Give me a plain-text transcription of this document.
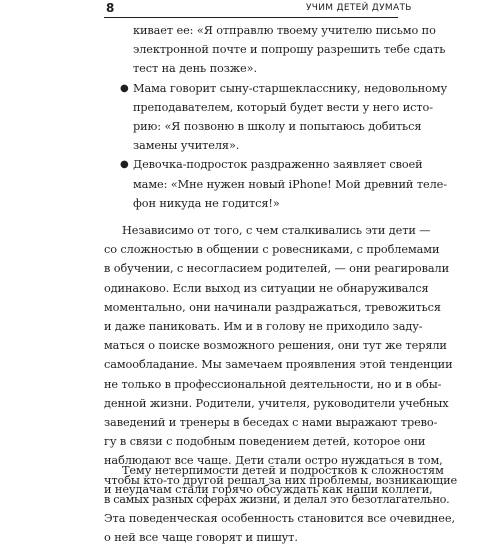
8	УЧИМ ДЕТЕЙ ДУМАТЬ
кивает ее: «Я отправлю твоему учителю письмо по
электронной почте и попрошу разрешить тебе сдать
тест на день позже».
● Мама говорит сыну-старшекласснику, недовольному
преподавателем, который будет вести у него исто-
рию: «Я позвоню в школу и попытаюсь добиться
замены учителя».
● Девочка-подросток раздраженно заявляет своей
маме: «Мне нужен новый iPhone! Мой древний теле-
фон никуда не годится!»
Независимо от того, с чем сталкивались эти дети —
со сложностью в общении с ровесниками, с проблемами
в обучении, с несогласием родителей, — они реагировали
одинаково. Если выход из ситуации не обнаруживался
моментально, они начинали раздражаться, тревожиться
и даже паниковать. Им и в голову не приходило заду-
маться о поиске возможного решения, они тут же теряли
самообладание. Мы замечаем проявления этой тенденции
не только в профессиональной деятельности, но и в обы-
денной жизни. Родители, учителя, руководители учебных
заведений и тренеры в беседах с нами выражают трево-
гу в связи с подобным поведением детей, которое они
наблюдают все чаще. Дети стали остро нуждаться в том,
чтобы кто-то другой решал за них проблемы, возникающие
в самых разных сферах жизни, и делал это безотлагательно.
Эта поведенческая особенность становится все очевиднее,
о ней все чаще говорят и пишут.
Тему нетерпимости детей и подростков к сложностям
и неудачам стали горячо обсуждать как наши коллеги,
